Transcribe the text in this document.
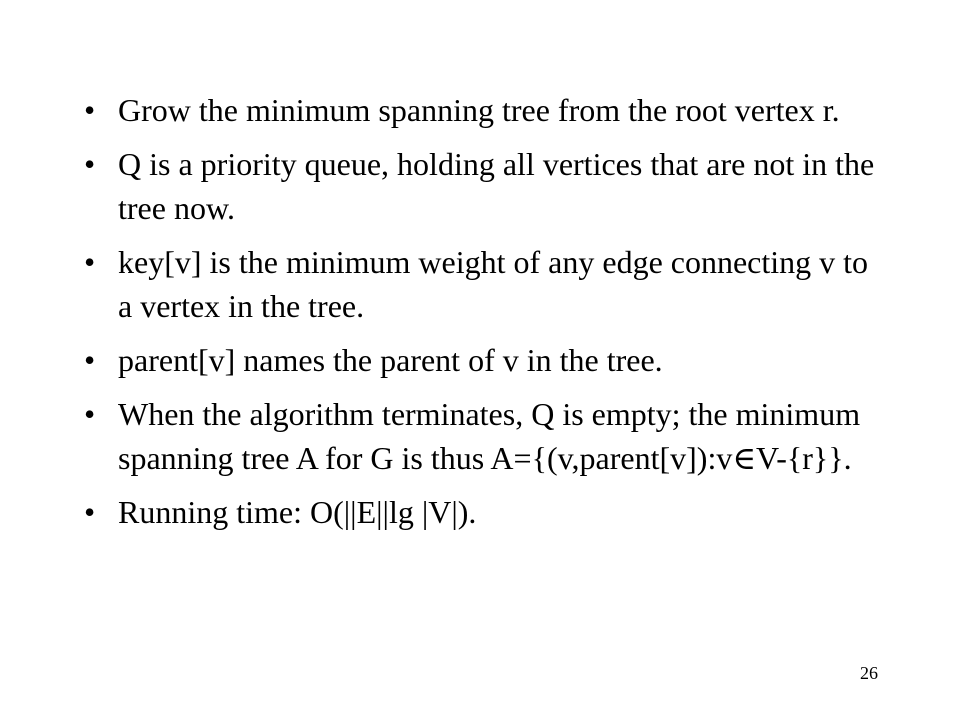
• Grow the minimum spanning tree from the root vertex r.
• Q is a priority queue, holding all vertices that are not in the tree now.
• key[v] is the minimum weight of any edge connecting v to a vertex in the tree.
• parent[v] names the parent of v in the tree.
• When the algorithm terminates, Q is empty; the minimum spanning tree A for G is thus A={(v,parent[v]):v∈V-{r}}.
• Running time: O(||E||lg |V|).
26
